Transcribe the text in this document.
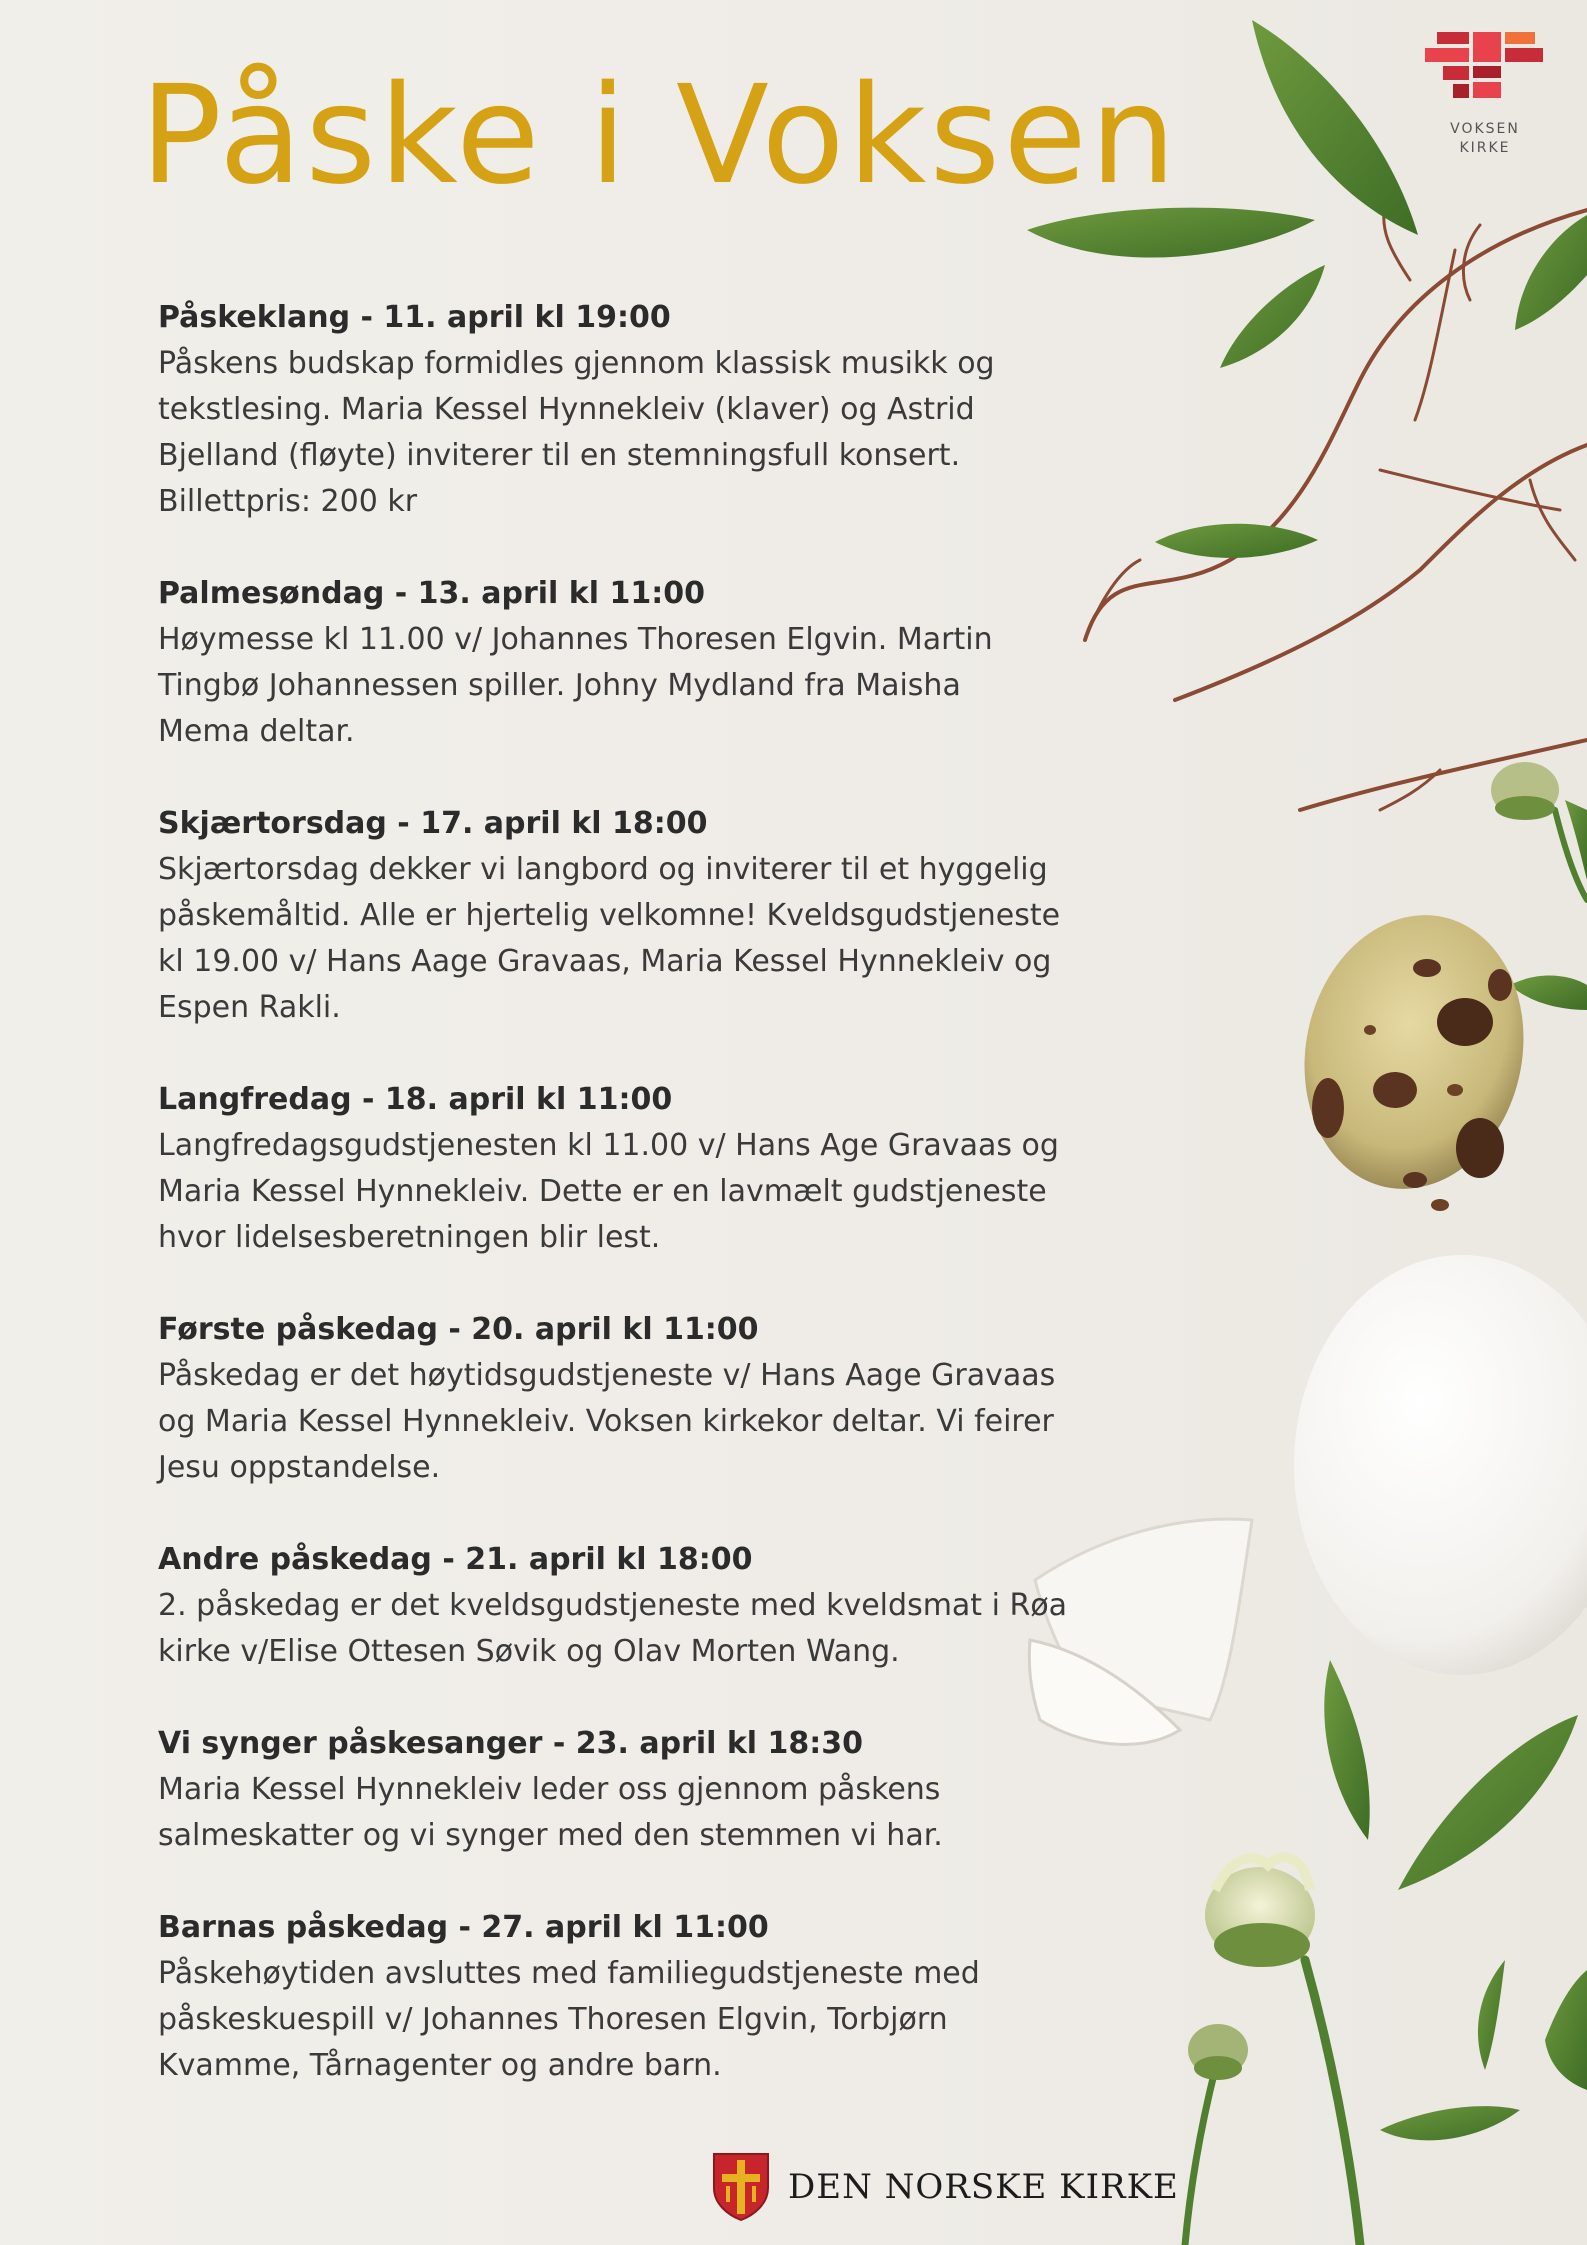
VOKSEN
KIRKE
Påske i Voksen
Påskeklang - 11. april kl 19:00
Påskens budskap formidles gjennom klassisk musikk og
tekstlesing. Maria Kessel Hynnekleiv (klaver) og Astrid
Bjelland (fløyte) inviterer til en stemningsfull konsert.
Billettpris: 200 kr
Palmesøndag - 13. april kl 11:00
Høymesse kl 11.00 v/ Johannes Thoresen Elgvin. Martin
Tingbø Johannessen spiller. Johny Mydland fra Maisha
Mema deltar.
Skjærtorsdag - 17. april kl 18:00
Skjærtorsdag dekker vi langbord og inviterer til et hyggelig
påskemåltid. Alle er hjertelig velkomne! Kveldsgudstjeneste
kl 19.00 v/ Hans Aage Gravaas, Maria Kessel Hynnekleiv og
Espen Rakli.
Langfredag - 18. april kl 11:00
Langfredagsgudstjenesten kl 11.00 v/ Hans Age Gravaas og
Maria Kessel Hynnekleiv. Dette er en lavmælt gudstjeneste
hvor lidelsesberetningen blir lest.
Første påskedag - 20. april kl 11:00
Påskedag er det høytidsgudstjeneste v/ Hans Aage Gravaas
og Maria Kessel Hynnekleiv. Voksen kirkekor deltar. Vi feirer
Jesu oppstandelse.
Andre påskedag - 21. april kl 18:00
2. påskedag er det kveldsgudstjeneste med kveldsmat i Røa
kirke v/Elise Ottesen Søvik og Olav Morten Wang.
Vi synger påskesanger - 23. april kl 18:30
Maria Kessel Hynnekleiv leder oss gjennom påskens
salmeskatter og vi synger med den stemmen vi har.
Barnas påskedag - 27. april kl 11:00
Påskehøytiden avsluttes med familiegudstjeneste med
påskeskuespill v/ Johannes Thoresen Elgvin, Torbjørn
Kvamme, Tårnagenter og andre barn.
DEN NORSKE KIRKE
